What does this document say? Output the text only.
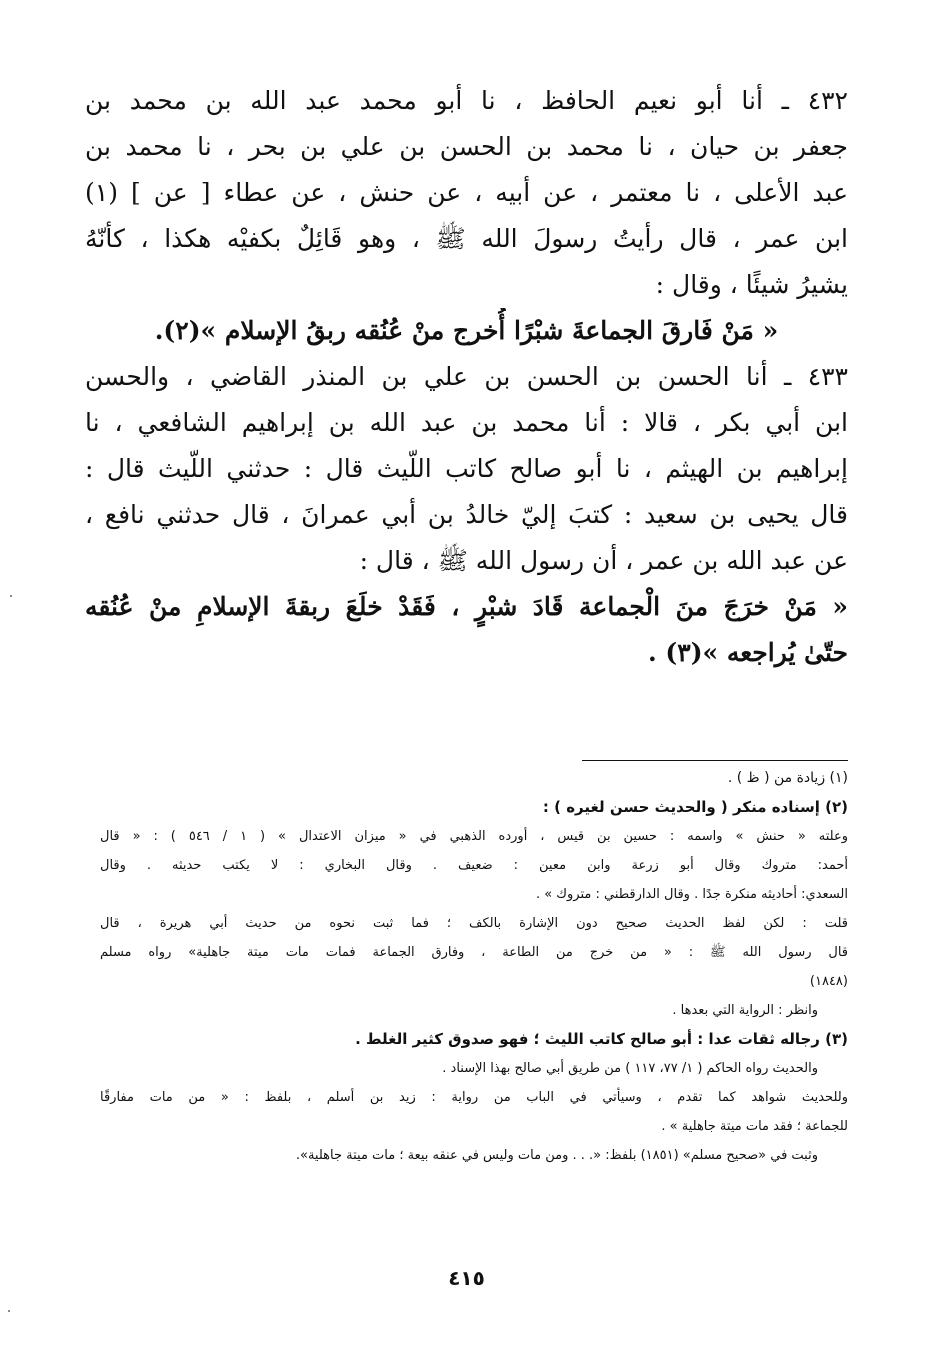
٤٣٢ ـ أنا أبو نعيم الحافظ ، نا أبو محمد عبد الله بن محمد بن
جعفر بن حيان ، نا محمد بن الحسن بن علي بن بحر ، نا محمد بن
عبد الأعلى ، نا معتمر ، عن أبيه ، عن حنش ، عن عطاء [ عن ] (١)
ابن عمر ، قال رأيتُ رسولَ الله ﷺ ، وهو قَائِلٌ بكفيْه هكذا ، كأنّهُ
يشيرُ شيئًا ، وقال :
« مَنْ فَارقَ الجماعةَ شبْرًا أُخرج منْ عُنُقه ربقُ الإسلام »(٢).
٤٣٣ ـ أنا الحسن بن الحسن بن علي بن المنذر القاضي ، والحسن
ابن أبي بكر ، قالا : أنا محمد بن عبد الله بن إبراهيم الشافعي ، نا
إبراهيم بن الهيثم ، نا أبو صالح كاتب اللّيث قال : حدثني اللّيث قال :
قال يحيى بن سعيد : كتبَ إليّ خالدُ بن أبي عمرانَ ، قال حدثني نافع ،
عن عبد الله بن عمر ، أن رسول الله ﷺ ، قال :
« مَنْ خرَجَ منَ الْجماعة قَادَ شبْرٍ ، فَقَدْ خلَعَ ربقةَ الإسلامِ منْ عُنُقه
حتّىٰ يُراجعه »(٣) .
(١) زيادة من ( ظ ) .
(٢) إسناده منكر ( والحديث حسن لغيره ) :
وعلته « حنش » واسمه : حسين بن قيس ، أورده الذهبي في « ميزان الاعتدال » ( ١ / ٥٤٦ ) : « قال
أحمد: متروك وقال أبو زرعة وابن معين : ضعيف . وقال البخاري : لا يكتب حديثه . وقال
السعدي: أحاديثه منكرة جدًا . وقال الدارقطني : متروك » .
قلت : لكن لفظ الحديث صحيح دون الإشارة بالكف ؛ فما ثبت نحوه من حديث أبي هريرة ، قال
قال رسول الله ﷺ : « من خرج من الطاعة ، وفارق الجماعة فمات مات ميتة جاهلية» رواه مسلم
(١٨٤٨)
وانظر : الرواية التي بعدها .
(٣) رجاله ثقات عدا : أبو صالح كاتب الليث ؛ فهو صدوق كثير الغلط .
والحديث رواه الحاكم ( ١/ ٧٧، ١١٧ ) من طريق أبي صالح بهذا الإسناد .
وللحديث شواهد كما تقدم ، وسيأتي في الباب من رواية : زيد بن أسلم ، بلفظ : « من مات مفارقًا
للجماعة ؛ فقد مات ميتة جاهلية » .
وثبت في «صحيح مسلم» (١٨٥١) بلفظ: «. . . ومن مات وليس في عنقه بيعة ؛ مات ميتة جاهلية».
٤١٥
